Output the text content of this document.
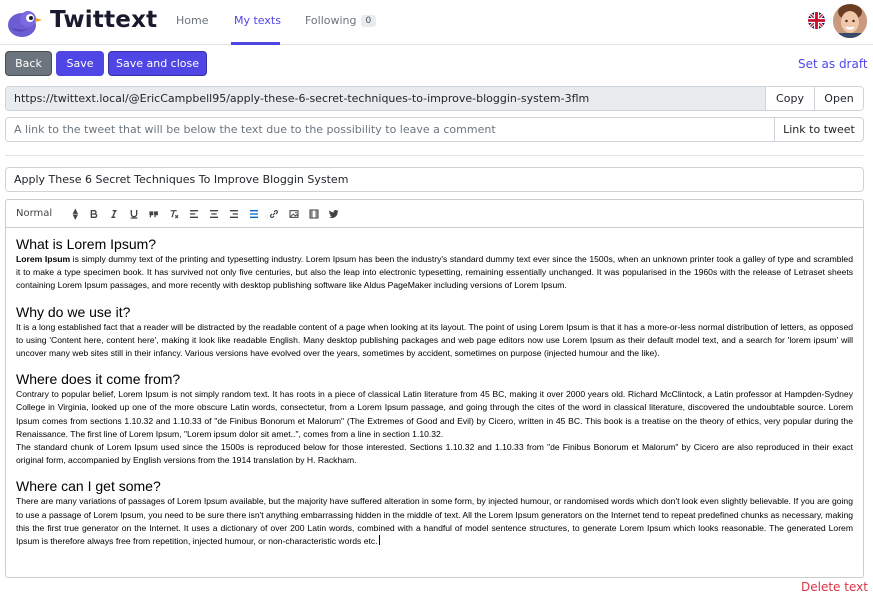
Twittext Home My texts Following 0
Back	Save	Save and close	Set as draft
https://twittext.local/@EricCampbell95/apply-these-6-secret-techniques-to-improve-bloggin-system-3flm	Copy	Open
A link to the tweet that will be below the text due to the possibility to leave a comment
Link to tweet
Apply These 6 Secret Techniques To Improve Bloggin System
Normal	▲
▼
What is Lorem Ipsum?

Lorem Ipsum is simply dummy text of the printing and typesetting industry. Lorem Ipsum has been the industry's standard dummy text ever since the 1500s, when an unknown printer took a galley of type and scrambled it to make a type specimen book. It has survived not only five centuries, but also the leap into electronic typesetting, remaining essentially unchanged. It was popularised in the 1960s with the release of Letraset sheets containing Lorem Ipsum passages, and more recently with desktop publishing software like Aldus PageMaker including versions of Lorem Ipsum.

Why do we use it?

It is a long established fact that a reader will be distracted by the readable content of a page when looking at its layout. The point of using Lorem Ipsum is that it has a more-or-less normal distribution of letters, as opposed to using 'Content here, content here', making it look like readable English. Many desktop publishing packages and web page editors now use Lorem Ipsum as their default model text, and a search for 'lorem ipsum' will uncover many web sites still in their infancy. Various versions have evolved over the years, sometimes by accident, sometimes on purpose (injected humour and the like).

Where does it come from?

Contrary to popular belief, Lorem Ipsum is not simply random text. It has roots in a piece of classical Latin literature from 45 BC, making it over 2000 years old. Richard McClintock, a Latin professor at Hampden-Sydney College in Virginia, looked up one of the more obscure Latin words, consectetur, from a Lorem Ipsum passage, and going through the cites of the word in classical literature, discovered the undoubtable source. Lorem Ipsum comes from sections 1.10.32 and 1.10.33 of "de Finibus Bonorum et Malorum" (The Extremes of Good and Evil) by Cicero, written in 45 BC. This book is a treatise on the theory of ethics, very popular during the Renaissance. The first line of Lorem Ipsum, "Lorem ipsum dolor sit amet..", comes from a line in section 1.10.32.

The standard chunk of Lorem Ipsum used since the 1500s is reproduced below for those interested. Sections 1.10.32 and 1.10.33 from "de Finibus Bonorum et Malorum" by Cicero are also reproduced in their exact original form, accompanied by English versions from the 1914 translation by H. Rackham.

Where can I get some?

There are many variations of passages of Lorem Ipsum available, but the majority have suffered alteration in some form, by injected humour, or randomised words which don't look even slightly believable. If you are going to use a passage of Lorem Ipsum, you need to be sure there isn't anything embarrassing hidden in the middle of text. All the Lorem Ipsum generators on the Internet tend to repeat predefined chunks as necessary, making this the first true generator on the Internet. It uses a dictionary of over 200 Latin words, combined with a handful of model sentence structures, to generate Lorem Ipsum which looks reasonable. The generated Lorem Ipsum is therefore always free from repetition, injected humour, or non-characteristic words etc.

Delete text
